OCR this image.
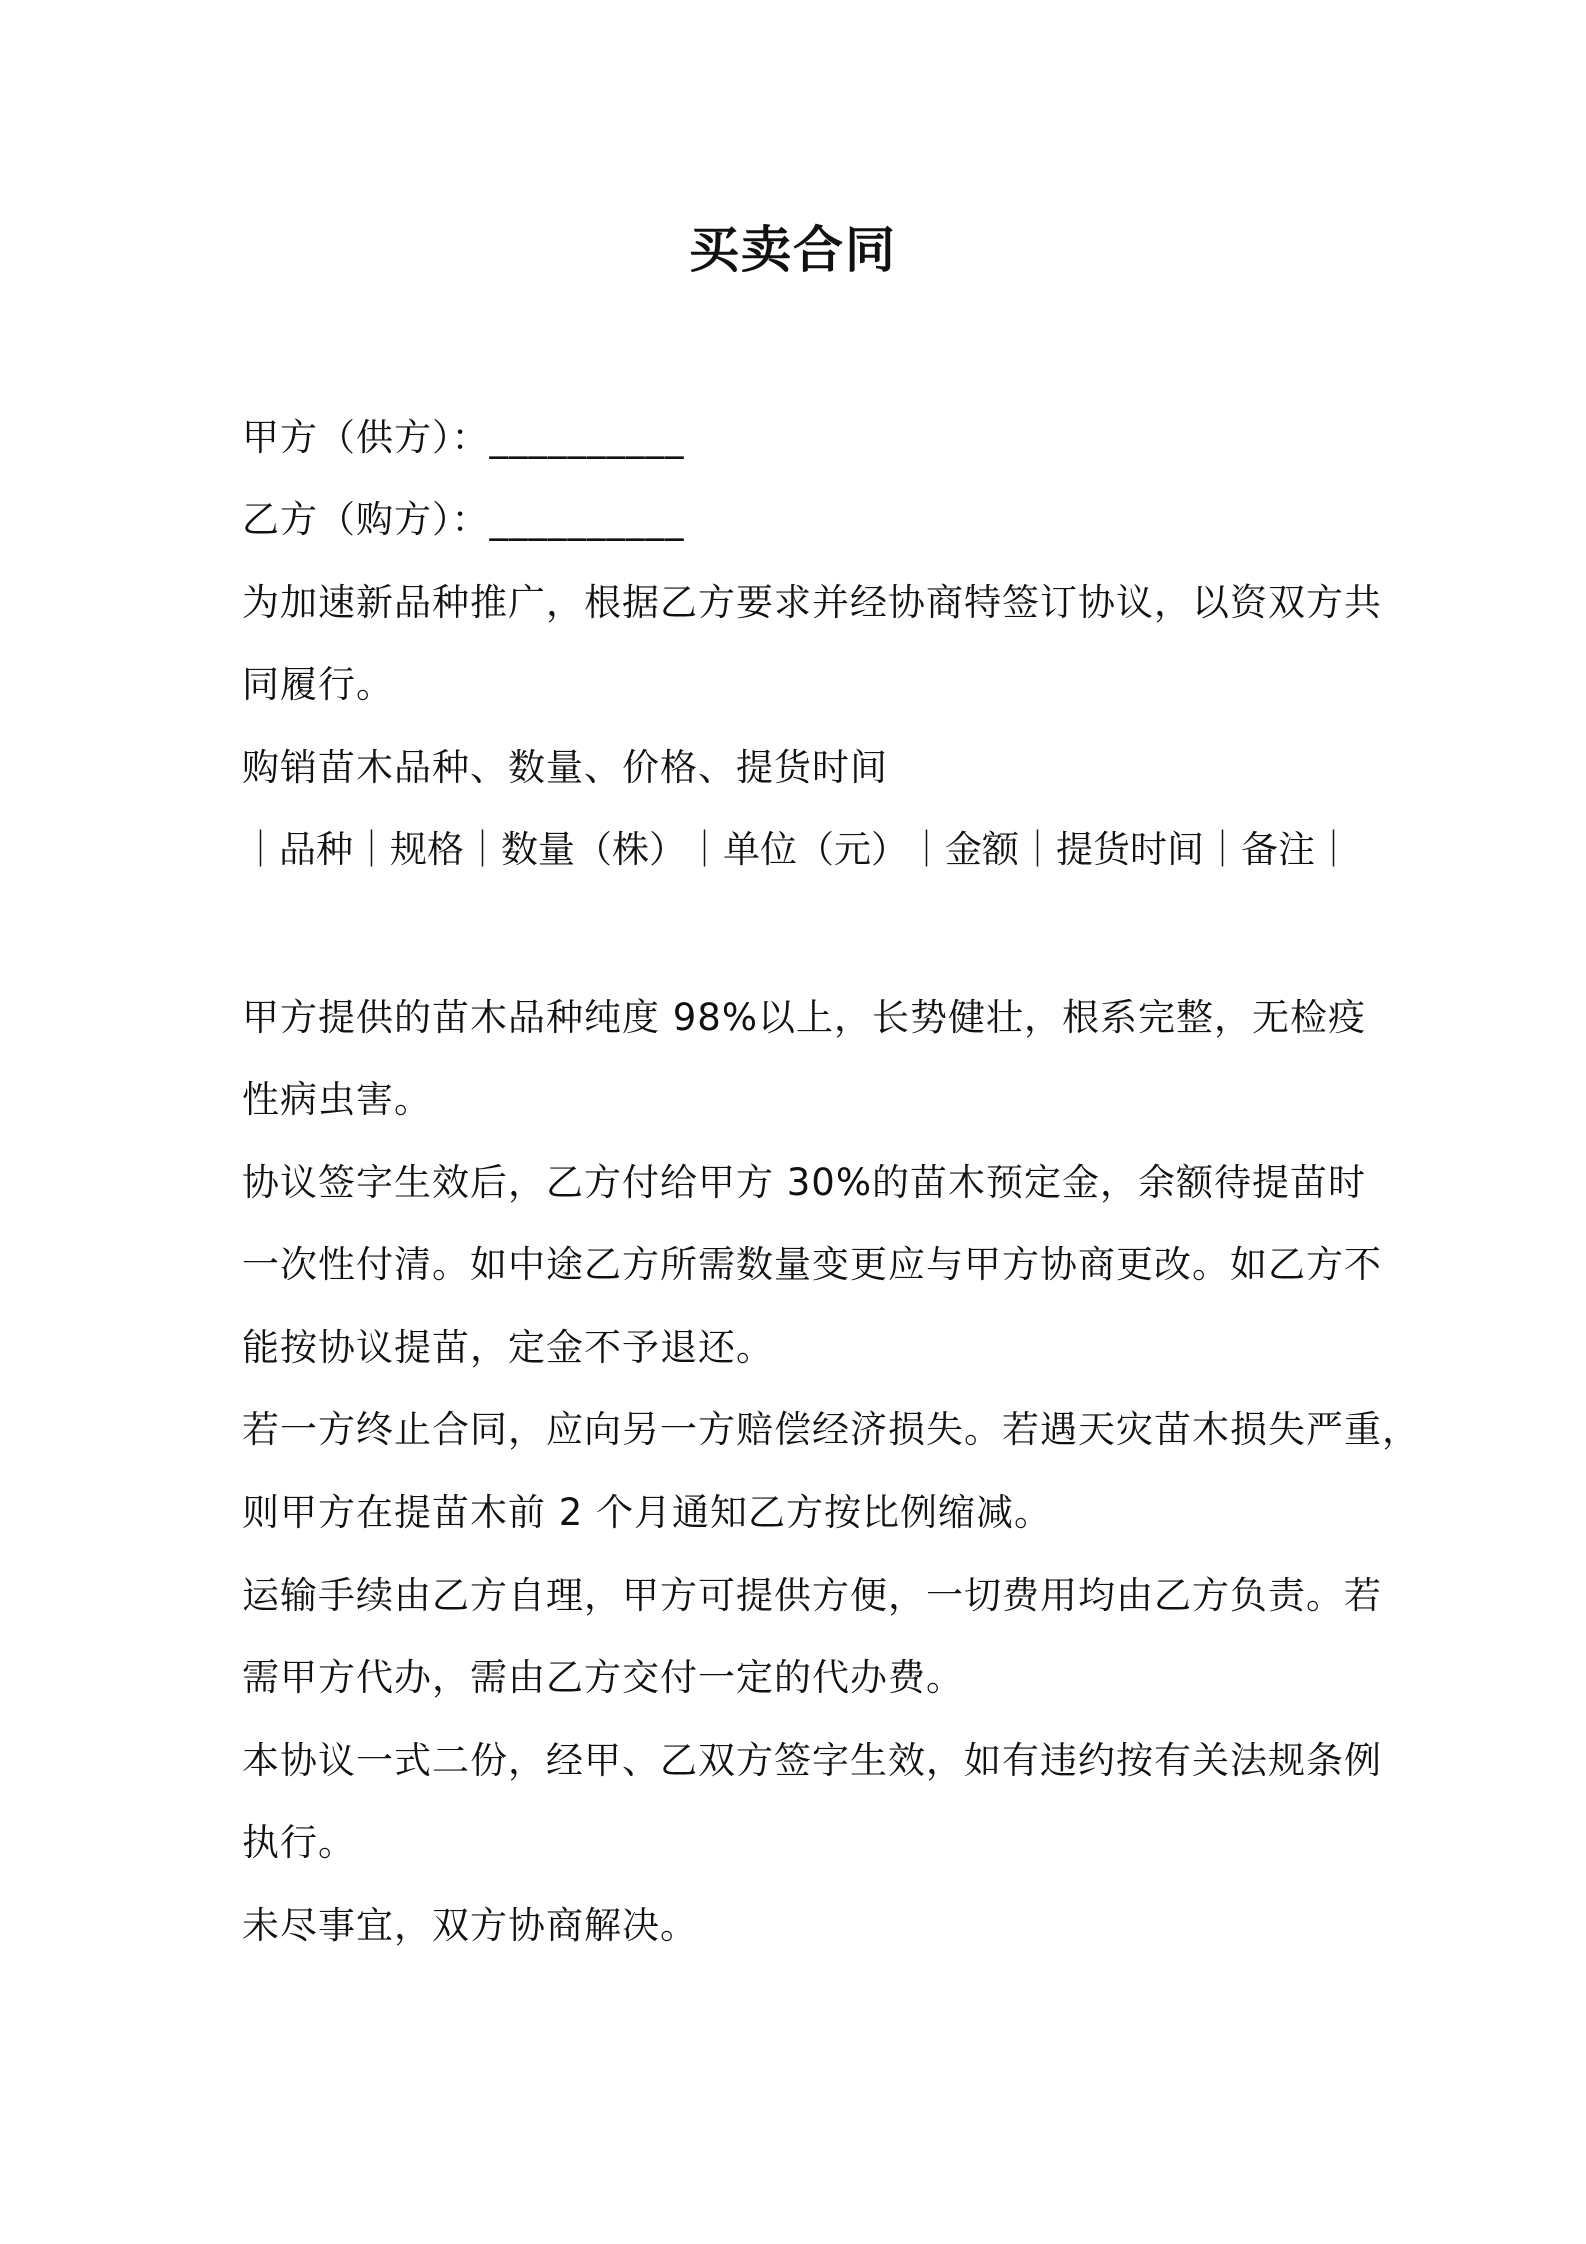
买卖合同
甲方（供方）：__________
乙方（购方）：__________
为加速新品种推广，根据乙方要求并经协商特签订协议，以资双方共
同履行。
购销苗木品种、数量、价格、提货时间
｜品种｜规格｜数量（株）｜单位（元）｜金额｜提货时间｜备注｜
甲方提供的苗木品种纯度 98%以上，长势健壮，根系完整，无检疫
性病虫害。
协议签字生效后，乙方付给甲方 30%的苗木预定金，余额待提苗时
一次性付清。如中途乙方所需数量变更应与甲方协商更改。如乙方不
能按协议提苗，定金不予退还。
若一方终止合同，应向另一方赔偿经济损失。若遇天灾苗木损失严重，
则甲方在提苗木前 2 个月通知乙方按比例缩减。
运输手续由乙方自理，甲方可提供方便，一切费用均由乙方负责。若
需甲方代办，需由乙方交付一定的代办费。
本协议一式二份，经甲、乙双方签字生效，如有违约按有关法规条例
执行。
未尽事宜，双方协商解决。
